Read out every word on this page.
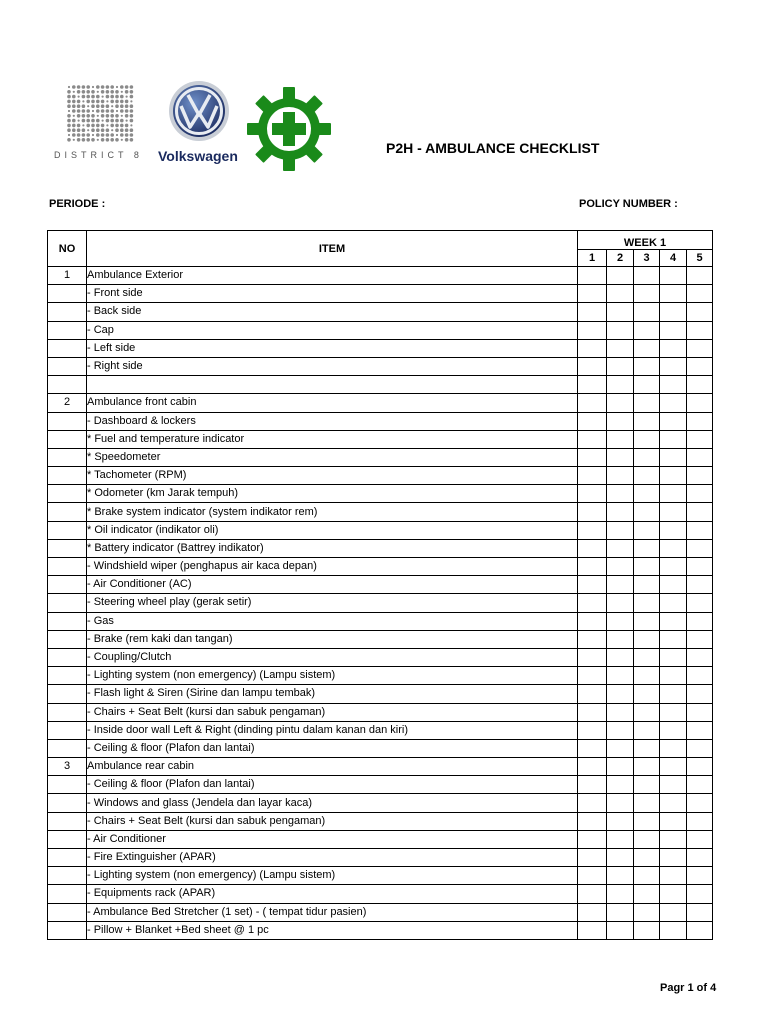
DISTRICT 8 Volkswagen	P2H - AMBULANCE CHECKLIST
PERIODE :	POLICY NUMBER :
NO	ITEM	WEEK 1				
		1	2	3	4	5
1	Ambulance Exterior					
	- Front side					
	- Back side					
	- Cap					
	- Left side					
	- Right side					

2	Ambulance front cabin					
	- Dashboard & lockers					
	* Fuel and temperature indicator					
	* Speedometer					
	* Tachometer (RPM)					
	* Odometer (km Jarak tempuh)					
	* Brake system indicator (system indikator rem)					
	* Oil indicator (indikator oli)					
	* Battery indicator (Battrey indikator)					
	- Windshield wiper (penghapus air kaca depan)					
	- Air Conditioner (AC)					
	- Steering wheel play (gerak setir)					
	- Gas					
	- Brake (rem kaki dan tangan)					
	- Coupling/Clutch					
	- Lighting system (non emergency) (Lampu sistem)					
	- Flash light & Siren (Sirine dan lampu tembak)					
	- Chairs + Seat Belt (kursi dan sabuk pengaman)					
	- Inside door wall Left & Right (dinding pintu dalam kanan dan kiri)					
	- Ceiling & floor (Plafon dan lantai)					
3	Ambulance rear cabin					
	- Ceiling & floor (Plafon dan lantai)					
	- Windows and glass (Jendela dan layar kaca)					
	- Chairs + Seat Belt (kursi dan sabuk pengaman)					
	- Air Conditioner					
	- Fire Extinguisher (APAR)					
	- Lighting system (non emergency) (Lampu sistem)					
	- Equipments rack (APAR)					
	- Ambulance Bed Stretcher (1 set) - ( tempat tidur pasien)					
	- Pillow + Blanket +Bed sheet @ 1 pc					
Pagr 1 of 4
